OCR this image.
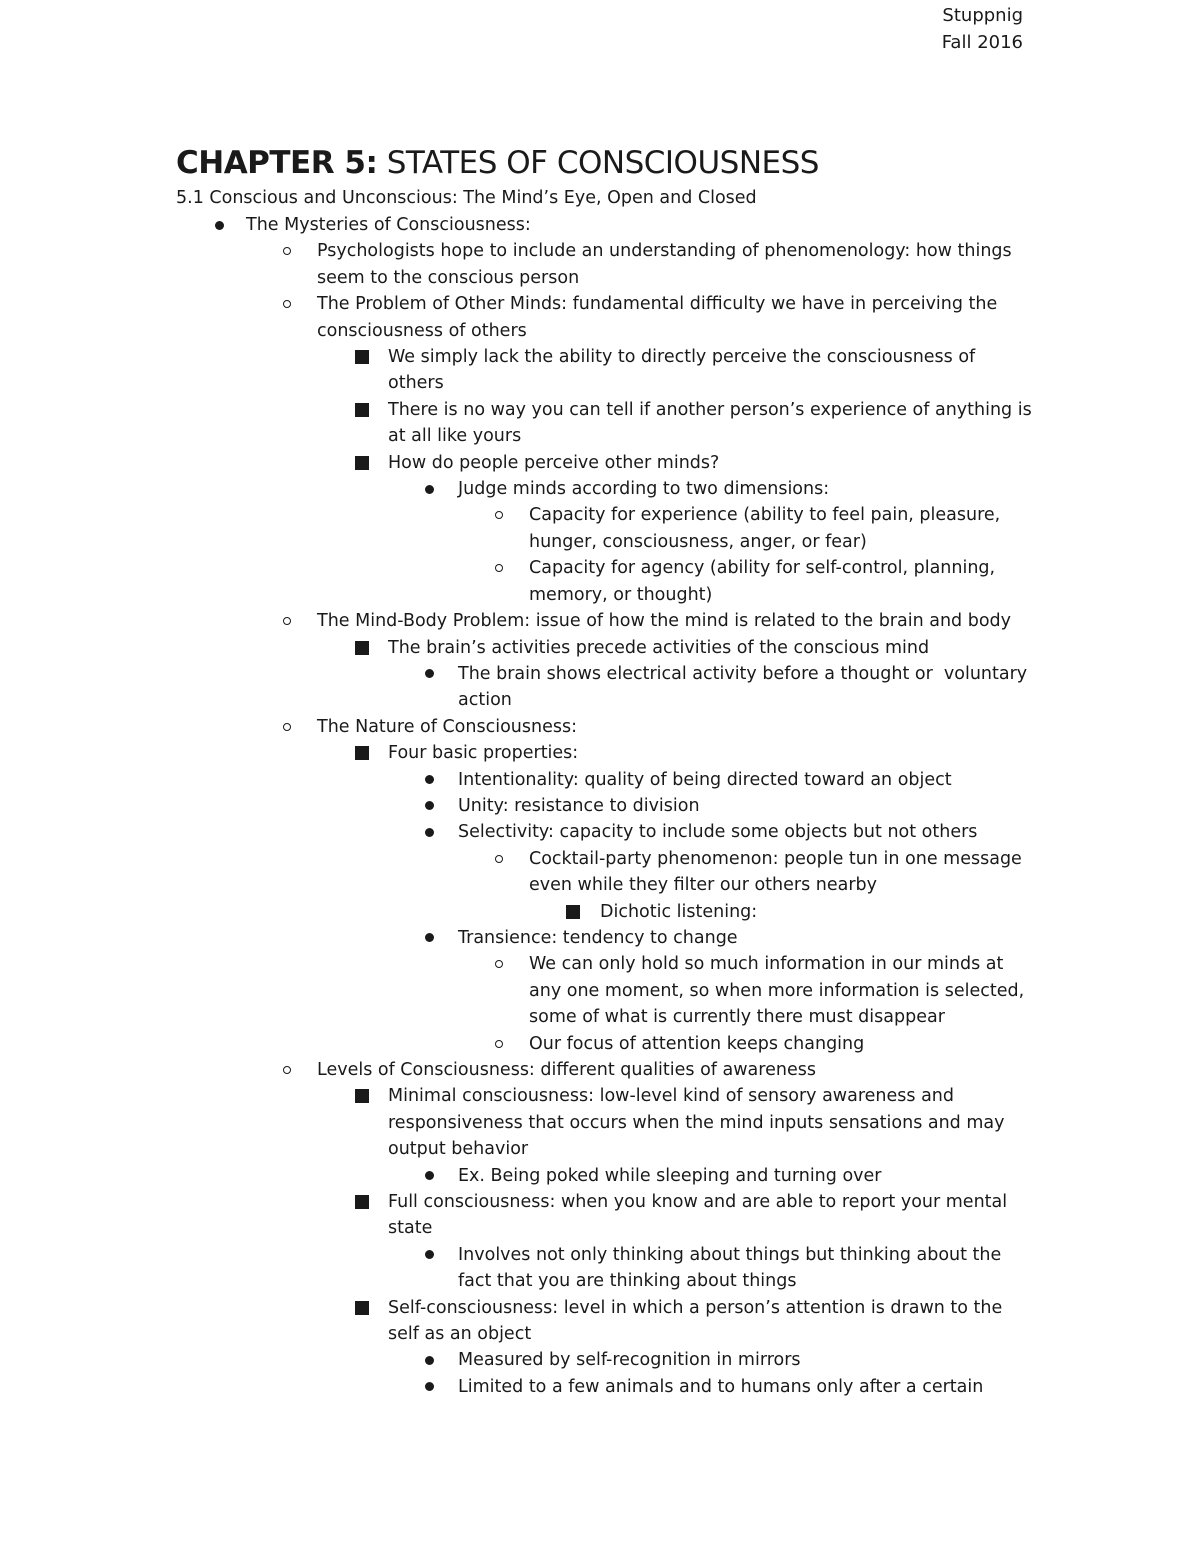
Stuppnig
Fall 2016
CHAPTER 5: STATES OF CONSCIOUSNESS
5.1 Conscious and Unconscious: The Mind’s Eye, Open and Closed
The Mysteries of Consciousness:
Psychologists hope to include an understanding of phenomenology: how things
seem to the conscious person
The Problem of Other Minds: fundamental difficulty we have in perceiving the
consciousness of others
We simply lack the ability to directly perceive the consciousness of
others
There is no way you can tell if another person’s experience of anything is
at all like yours
How do people perceive other minds?
Judge minds according to two dimensions:
Capacity for experience (ability to feel pain, pleasure,
hunger, consciousness, anger, or fear)
Capacity for agency (ability for self-control, planning,
memory, or thought)
The Mind-Body Problem: issue of how the mind is related to the brain and body
The brain’s activities precede activities of the conscious mind
The brain shows electrical activity before a thought or  voluntary
action
The Nature of Consciousness:
Four basic properties:
Intentionality: quality of being directed toward an object
Unity: resistance to division
Selectivity: capacity to include some objects but not others
Cocktail-party phenomenon: people tun in one message
even while they filter our others nearby
Dichotic listening:
Transience: tendency to change
We can only hold so much information in our minds at
any one moment, so when more information is selected,
some of what is currently there must disappear
Our focus of attention keeps changing
Levels of Consciousness: different qualities of awareness
Minimal consciousness: low-level kind of sensory awareness and
responsiveness that occurs when the mind inputs sensations and may
output behavior
Ex. Being poked while sleeping and turning over
Full consciousness: when you know and are able to report your mental
state
Involves not only thinking about things but thinking about the
fact that you are thinking about things
Self-consciousness: level in which a person’s attention is drawn to the
self as an object
Measured by self-recognition in mirrors
Limited to a few animals and to humans only after a certain
